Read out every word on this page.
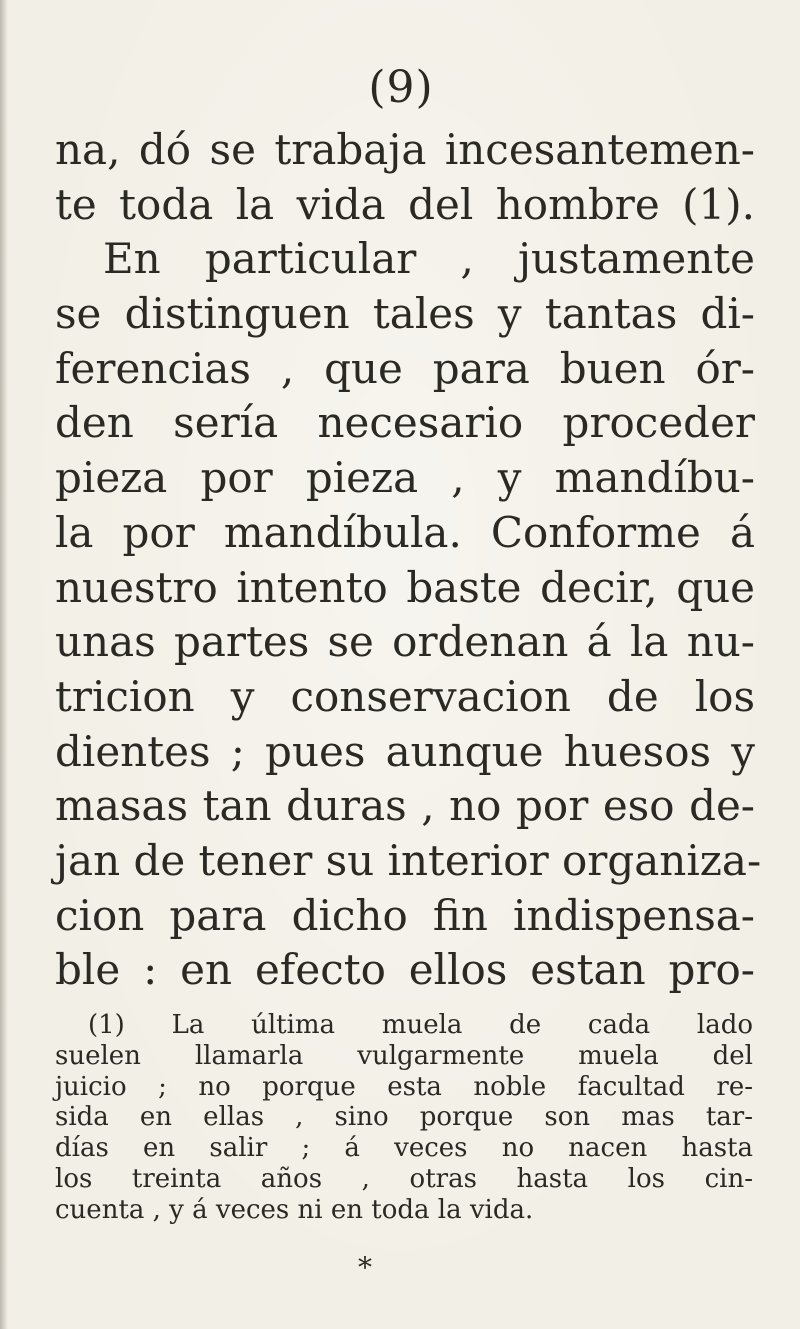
(9)
na, dó se trabaja incesantemen-
te toda la vida del hombre (1).
En particular , justamente
se distinguen tales y tantas di-
ferencias , que para buen ór-
den sería necesario proceder
pieza por pieza , y mandíbu-
la por mandíbula. Conforme á
nuestro intento baste decir, que
unas partes se ordenan á la nu-
tricion y conservacion de los
dientes ; pues aunque huesos y
masas tan duras , no por eso de-
jan de tener su interior organiza-
cion para dicho fin indispensa-
ble : en efecto ellos estan pro-
(1) La última muela de cada lado
suelen llamarla vulgarmente muela del
juicio ; no porque esta noble facultad re-
sida en ellas , sino porque son mas tar-
días en salir ; á veces no nacen hasta
los treinta años , otras hasta los cin-
cuenta , y á veces ni en toda la vida.
*
